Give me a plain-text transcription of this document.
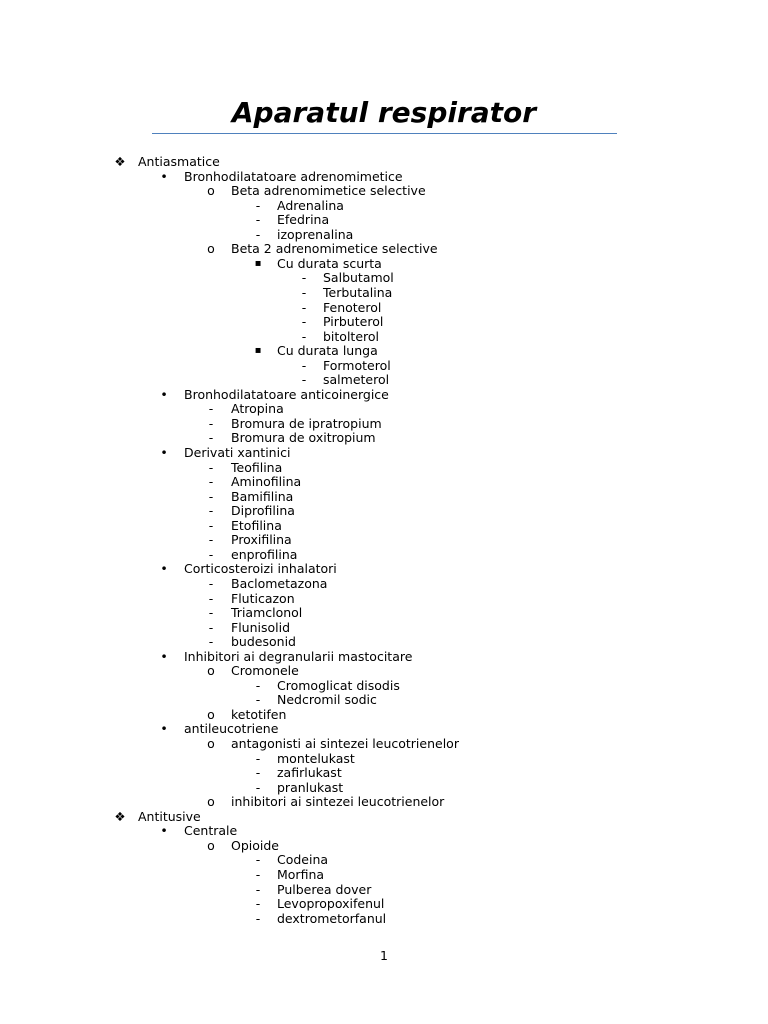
Aparatul respirator
❖ Antiasmatice
• Bronhodilatatoare adrenomimetice
o Beta adrenomimetice selective
-	Adrenalina
-	Efedrina
-	izoprenalina
o Beta 2 adrenomimetice selective
▪ Cu durata scurta
-	Salbutamol
-	Terbutalina
-	Fenoterol
-	Pirbuterol
-	bitolterol
▪ Cu durata lunga
-	Formoterol
-	salmeterol
• Bronhodilatatoare anticoinergice
-	Atropina
-	Bromura de ipratropium
-	Bromura de oxitropium
• Derivati xantinici
-	Teofilina
-	Aminofilina
-	Bamifilina
-	Diprofilina
-	Etofilina
-	Proxifilina
-	enprofilina
• Corticosteroizi inhalatori
-	Baclometazona
-	Fluticazon
-	Triamclonol
-	Flunisolid
-	budesonid
• Inhibitori ai degranularii mastocitare
o Cromonele
-	Cromoglicat disodis
-	Nedcromil sodic
o ketotifen
• antileucotriene
o antagonisti ai sintezei leucotrienelor
-	montelukast
-	zafirlukast
-	pranlukast
o inhibitori ai sintezei leucotrienelor
❖ Antitusive
• Centrale
o Opioide
-	Codeina
-	Morfina
-	Pulberea dover
-	Levopropoxifenul
-	dextrometorfanul
1
